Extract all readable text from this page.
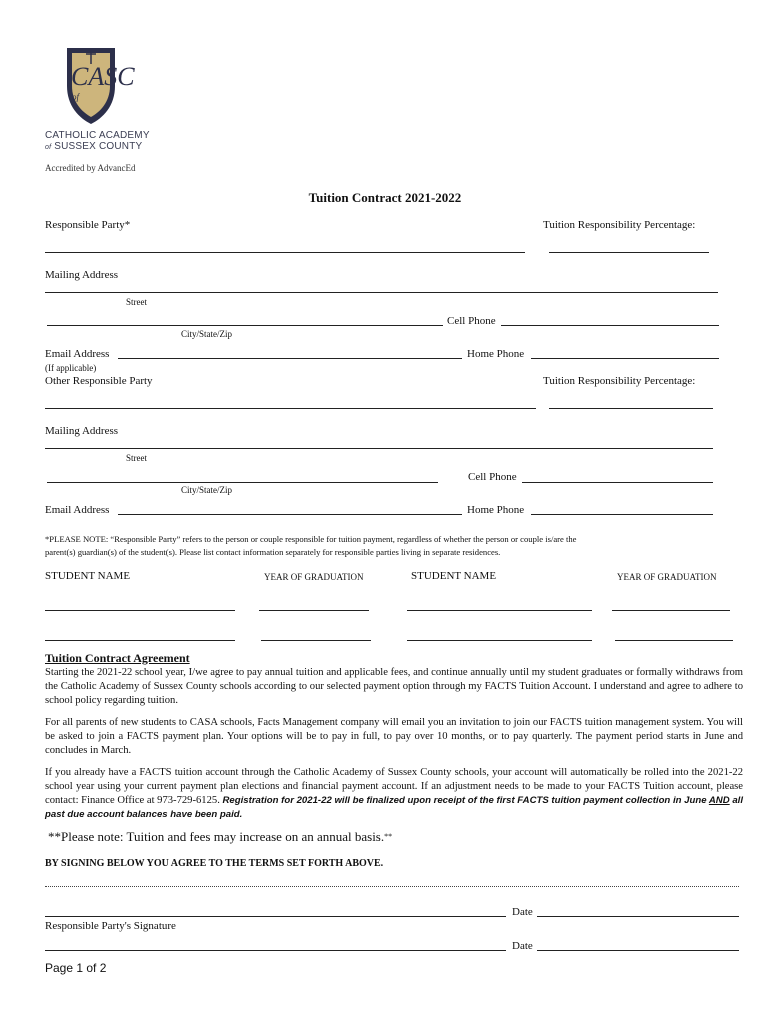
CASC
of
CATHOLIC ACADEMY
of SUSSEX COUNTY
Accredited by AdvancEd
Tuition Contract 2021-2022
Responsible Party*	Tuition Responsibility Percentage:
Mailing Address
Street
Cell Phone
City/State/Zip
Email Address	Home Phone
(If applicable)
Other Responsible Party	Tuition Responsibility Percentage:
Mailing Address
Street
Cell Phone
City/State/Zip
Email Address	Home Phone
*PLEASE NOTE: “Responsible Party” refers to the person or couple responsible for tuition payment, regardless of whether the person or couple is/are the
parent(s) guardian(s) of the student(s). Please list contact information separately for responsible parties living in separate residences.
STUDENT NAME	YEAR OF GRADUATION	STUDENT NAME	YEAR OF GRADUATION
Tuition Contract Agreement
Starting the 2021-22 school year, I/we agree to pay annual tuition and applicable fees, and continue annually until my student graduates or formally withdraws from the Catholic Academy of Sussex County schools according to our selected payment option through my FACTS Tuition Account. I understand and agree to adhere to school policy regarding tuition.
For all parents of new students to CASA schools, Facts Management company will email you an invitation to join our FACTS tuition management system. You will be asked to join a FACTS payment plan. Your options will be to pay in full, to pay over 10 months, or to pay quarterly. The payment period starts in June and concludes in March.
If you already have a FACTS tuition account through the Catholic Academy of Sussex County schools, your account will automatically be rolled into the 2021-22 school year using your current payment plan elections and financial payment account. If an adjustment needs to be made to your FACTS Tuition account, please contact: Finance Office at 973-729-6125. Registration for 2021-22 will be finalized upon receipt of the first FACTS tuition payment collection in June AND all past due account balances have been paid.
**Please note: Tuition and fees may increase on an annual basis.**
BY SIGNING BELOW YOU AGREE TO THE TERMS SET FORTH ABOVE.
Date
Responsible Party's Signature
Date
Page 1 of 2
